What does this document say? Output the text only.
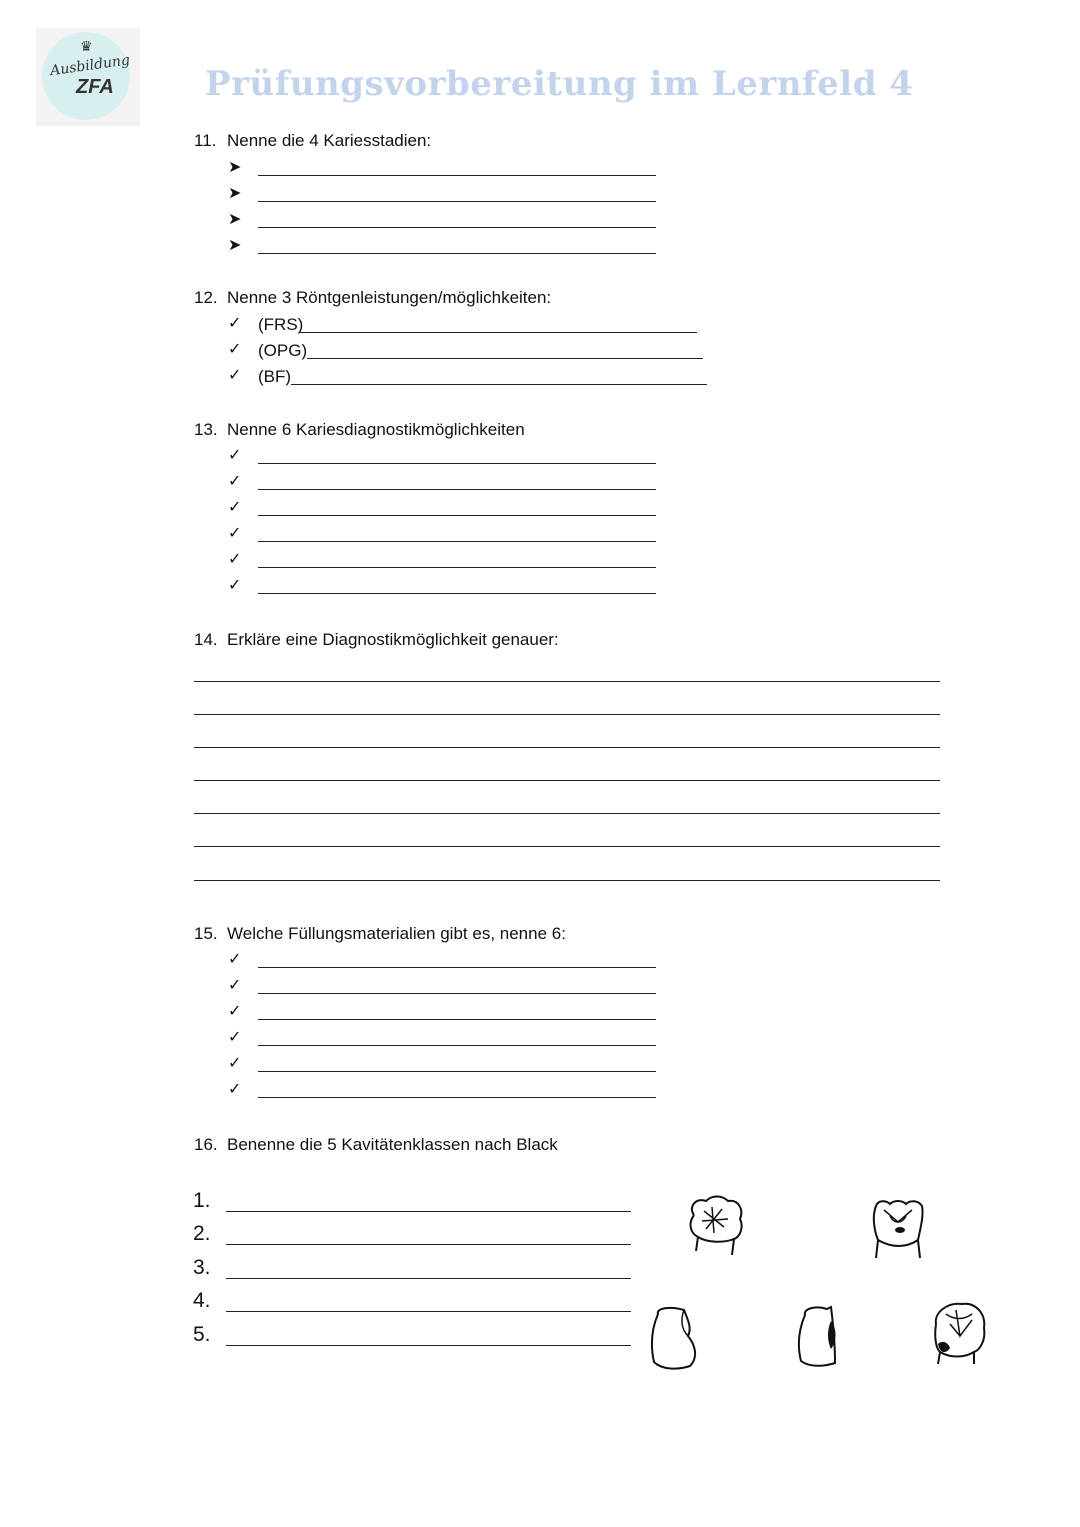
♛
Ausbildung
ZFA	Prüfungsvorbereitung im Lernfeld 4
11. Nenne die 4 Kariesstadien:
➤
➤
➤
➤
12. Nenne 3 Röntgenleistungen/möglichkeiten:
✓ (FRS)
✓ (OPG)
✓ (BF)
13. Nenne 6 Kariesdiagnostikmöglichkeiten
✓
✓
✓
✓
✓
✓
14. Erkläre eine Diagnostikmöglichkeit genauer:
15. Welche Füllungsmaterialien gibt es, nenne 6:
✓
✓
✓
✓
✓
✓
16. Benenne die 5 Kavitätenklassen nach Black
1.
2.
3.
4.
5.
